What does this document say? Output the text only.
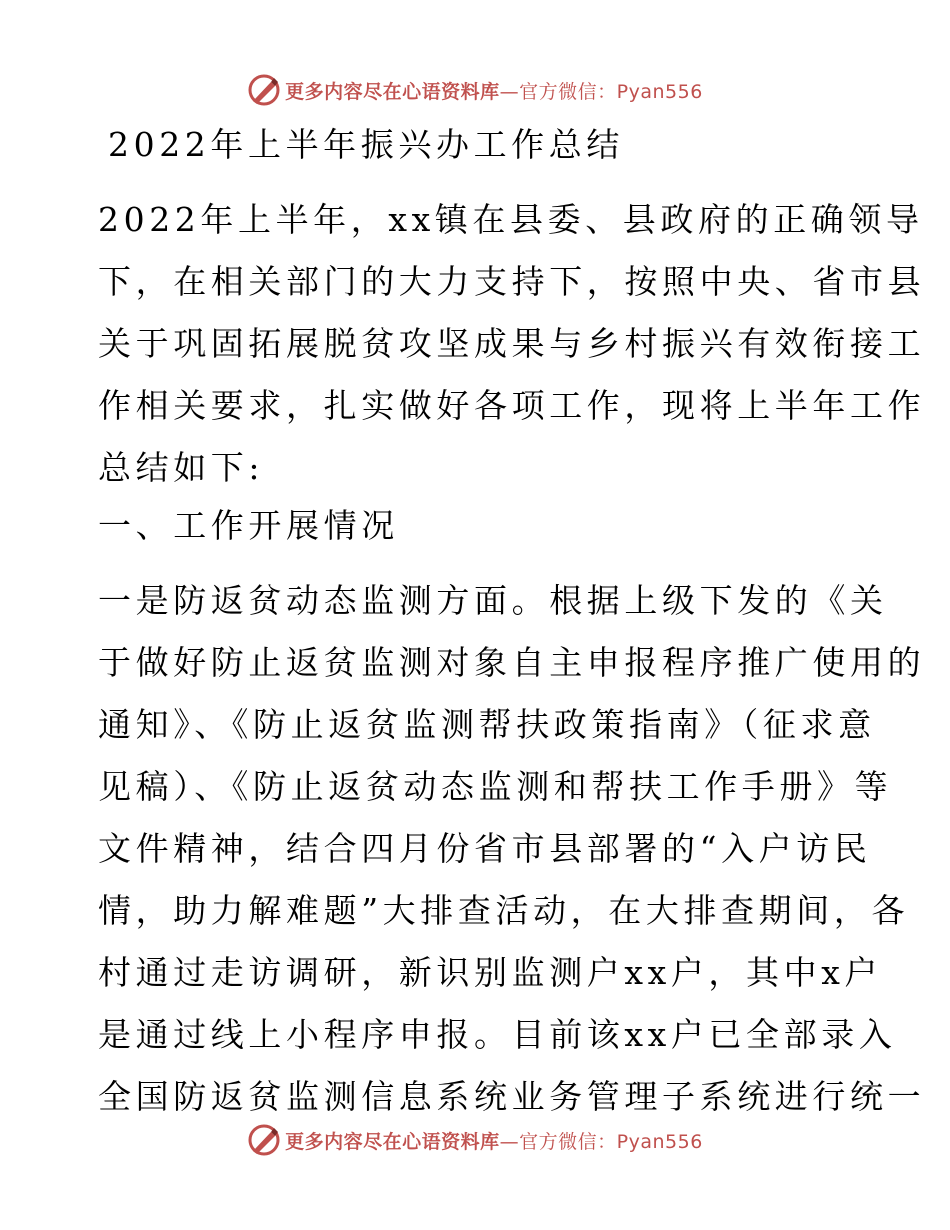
更多内容尽在心语资料库—官方微信：Pyan556

2022年上半年振兴办工作总结

2022年上半年，xx镇在县委、县政府的正确领导

下，在相关部门的大力支持下，按照中央、省市县

关于巩固拓展脱贫攻坚成果与乡村振兴有效衔接工

作相关要求，扎实做好各项工作，现将上半年工作

总结如下:

一、工作开展情况

一是防返贫动态监测方面。根据上级下发的《关

于做好防止返贫监测对象自主申报程序推广使用的

通知》、《防止返贫监测帮扶政策指南》（征求意

见稿）、《防止返贫动态监测和帮扶工作手册》等

文件精神，结合四月份省市县部署的“入户访民

情，助力解难题”大排查活动，在大排查期间，各

村通过走访调研，新识别监测户xx户，其中x户

是通过线上小程序申报。目前该xx户已全部录入

全国防返贫监测信息系统业务管理子系统进行统一

更多内容尽在心语资料库—官方微信：Pyan556
